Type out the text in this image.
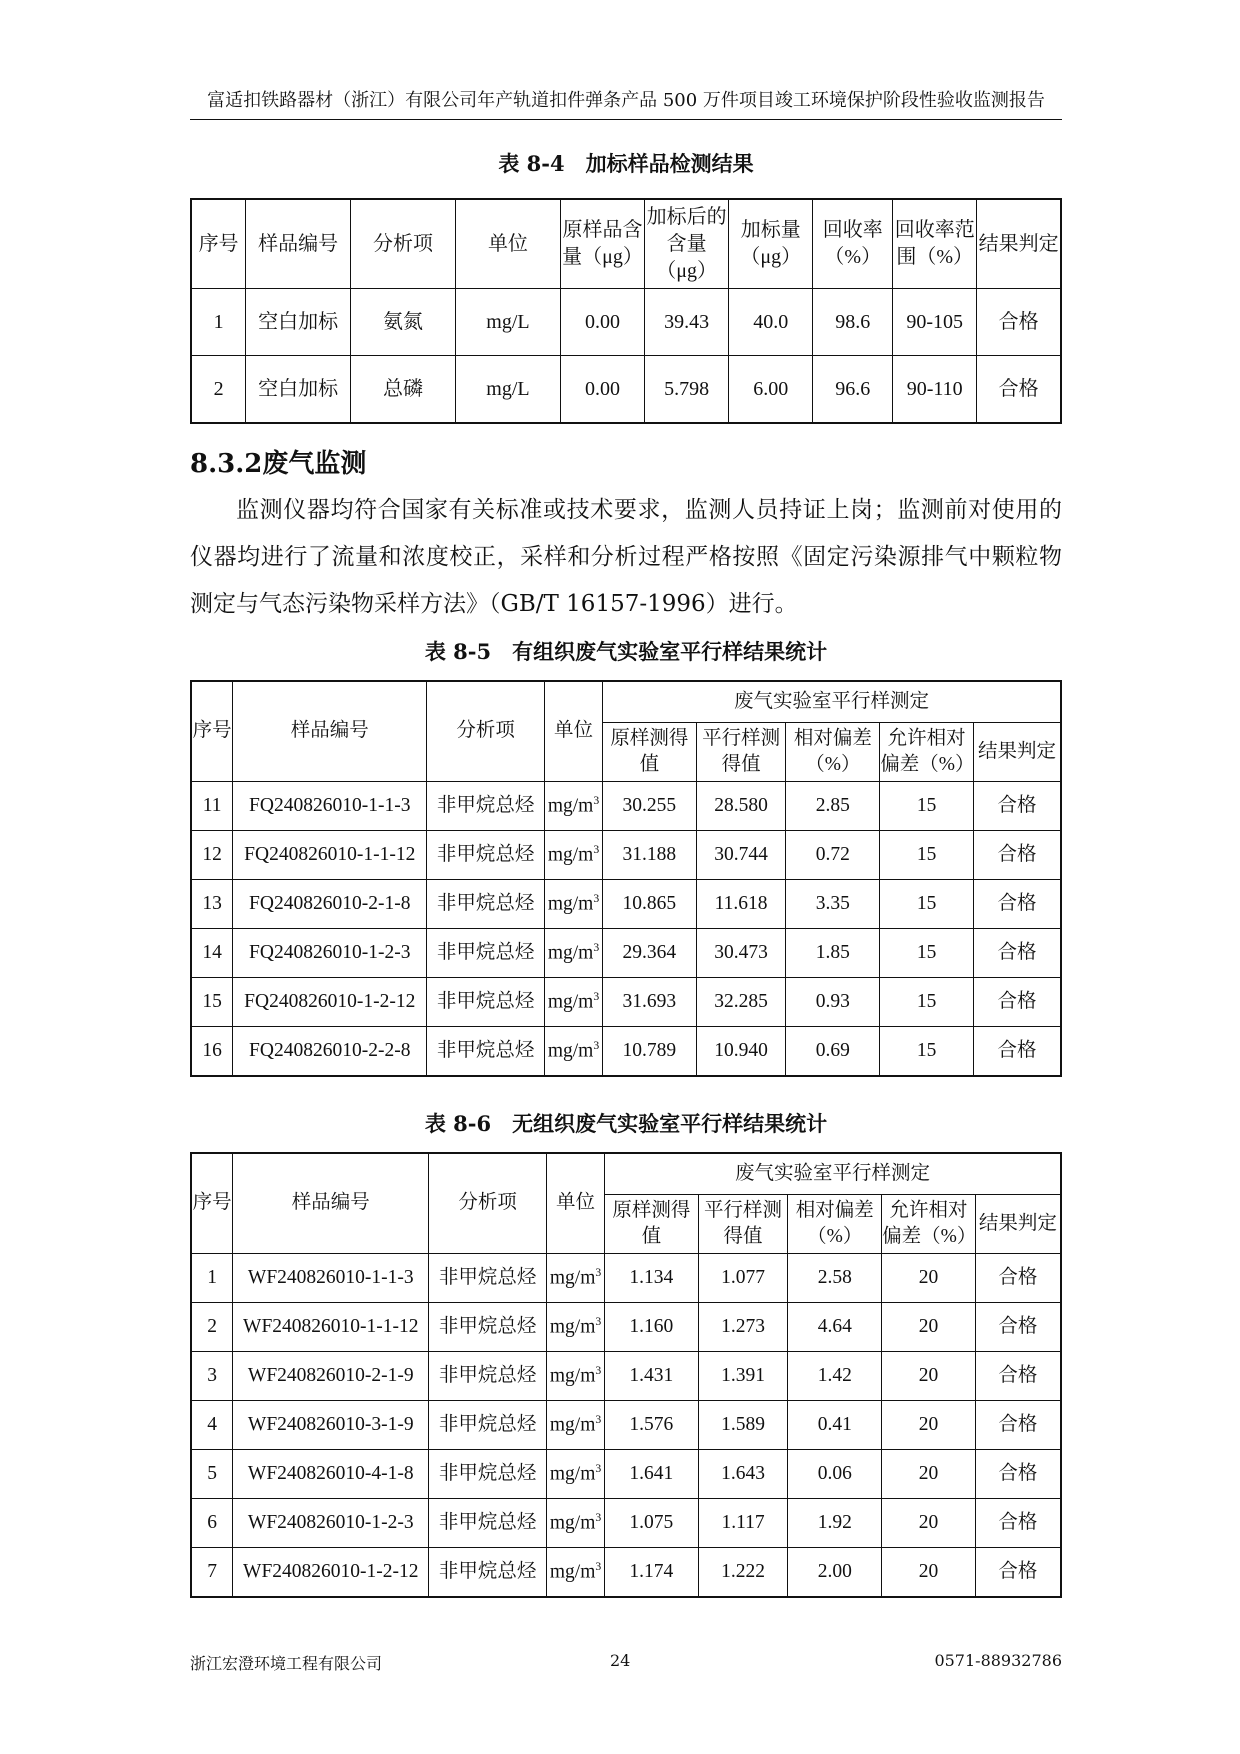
富适扣铁路器材（浙江）有限公司年产轨道扣件弹条产品 500 万件项目竣工环境保护阶段性验收监测报告
表 8-4　加标样品检测结果
序号	样品编号	分析项	单位	原样品含量（μg）	加标后的含量（μg）	加标量（μg）	回收率（%）	回收率范围（%）	结果判定
1	空白加标	氨氮	mg/L	0.00	39.43	40.0	98.6	90-105	合格
2	空白加标	总磷	mg/L	0.00	5.798	6.00	96.6	90-110	合格
8.3.2废气监测

监测仪器均符合国家有关标准或技术要求，监测人员持证上岗；监测前对使用的仪器均进行了流量和浓度校正，采样和分析过程严格按照《固定污染源排气中颗粒物测定与气态污染物采样方法》（GB/T 16157-1996）进行。

表 8-5　有组织废气实验室平行样结果统计
序号	样品编号	分析项	单位	废气实验室平行样测定				
				原样测得值	平行样测得值	相对偏差（%）	允许相对偏差（%）	结果判定
11	FQ240826010-1-1-3	非甲烷总烃	$mg/m^3$	30.255	28.580	2.85	15	合格
12	FQ240826010-1-1-12	非甲烷总烃	$mg/m^3$	31.188	30.744	0.72	15	合格
13	FQ240826010-2-1-8	非甲烷总烃	$mg/m^3$	10.865	11.618	3.35	15	合格
14	FQ240826010-1-2-3	非甲烷总烃	$mg/m^3$	29.364	30.473	1.85	15	合格
15	FQ240826010-1-2-12	非甲烷总烃	$mg/m^3$	31.693	32.285	0.93	15	合格
16	FQ240826010-2-2-8	非甲烷总烃	$mg/m^3$	10.789	10.940	0.69	15	合格
表 8-6　无组织废气实验室平行样结果统计
序号	样品编号	分析项	单位	废气实验室平行样测定				
				原样测得值	平行样测得值	相对偏差（%）	允许相对偏差（%）	结果判定
1	WF240826010-1-1-3	非甲烷总烃	$mg/m^3$	1.134	1.077	2.58	20	合格
2	WF240826010-1-1-12	非甲烷总烃	$mg/m^3$	1.160	1.273	4.64	20	合格
3	WF240826010-2-1-9	非甲烷总烃	$mg/m^3$	1.431	1.391	1.42	20	合格
4	WF240826010-3-1-9	非甲烷总烃	$mg/m^3$	1.576	1.589	0.41	20	合格
5	WF240826010-4-1-8	非甲烷总烃	$mg/m^3$	1.641	1.643	0.06	20	合格
6	WF240826010-1-2-3	非甲烷总烃	$mg/m^3$	1.075	1.117	1.92	20	合格
7	WF240826010-1-2-12	非甲烷总烃	$mg/m^3$	1.174	1.222	2.00	20	合格
浙江宏澄环境工程有限公司	24	0571-88932786
